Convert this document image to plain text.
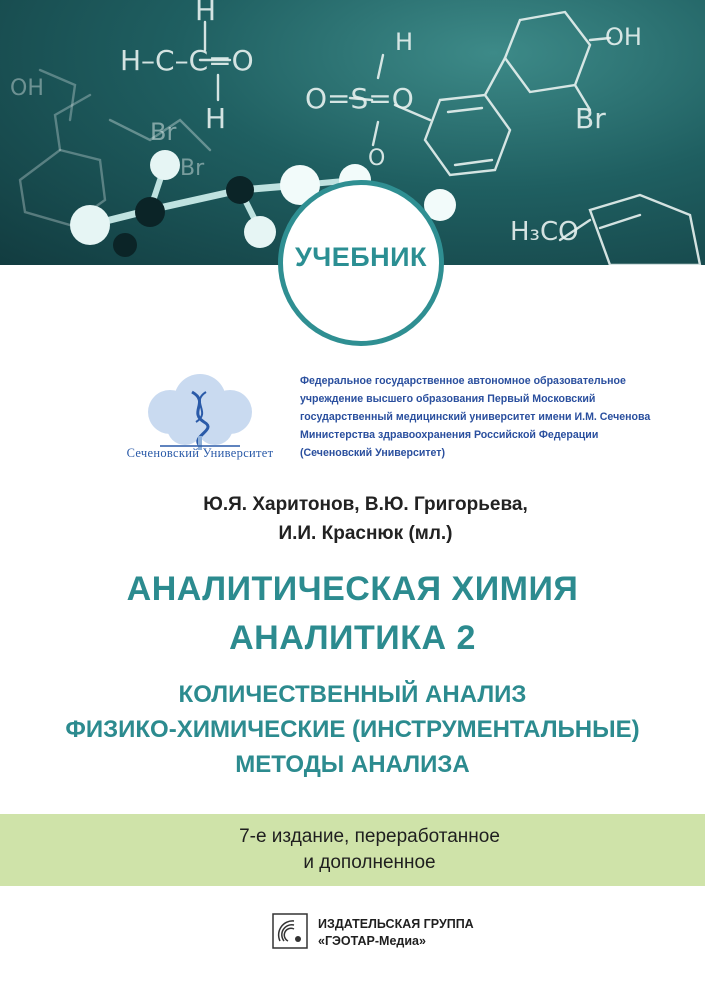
H
H
H–C–C=O
H	OH
O=S=O
O
OH
Br
Br
Br
H₃CO
УЧЕБНИК
Сеченовский Университет
Федеральное государственное автономное образовательное
учреждение высшего образования Первый Московский
государственный медицинский университет имени И.М. Сеченова
Министерства здравоохранения Российской Федерации
(Сеченовский Университет)
Ю.Я. Харитонов, В.Ю. Григорьева,
И.И. Краснюк (мл.)
АНАЛИТИЧЕСКАЯ ХИМИЯ
АНАЛИТИКА 2
КОЛИЧЕСТВЕННЫЙ АНАЛИЗ
ФИЗИКО-ХИМИЧЕСКИЕ (ИНСТРУМЕНТАЛЬНЫЕ)
МЕТОДЫ АНАЛИЗА
7-е издание, переработанное
и дополненное
ИЗДАТЕЛЬСКАЯ ГРУППА
«ГЭОТАР-Медиа»
